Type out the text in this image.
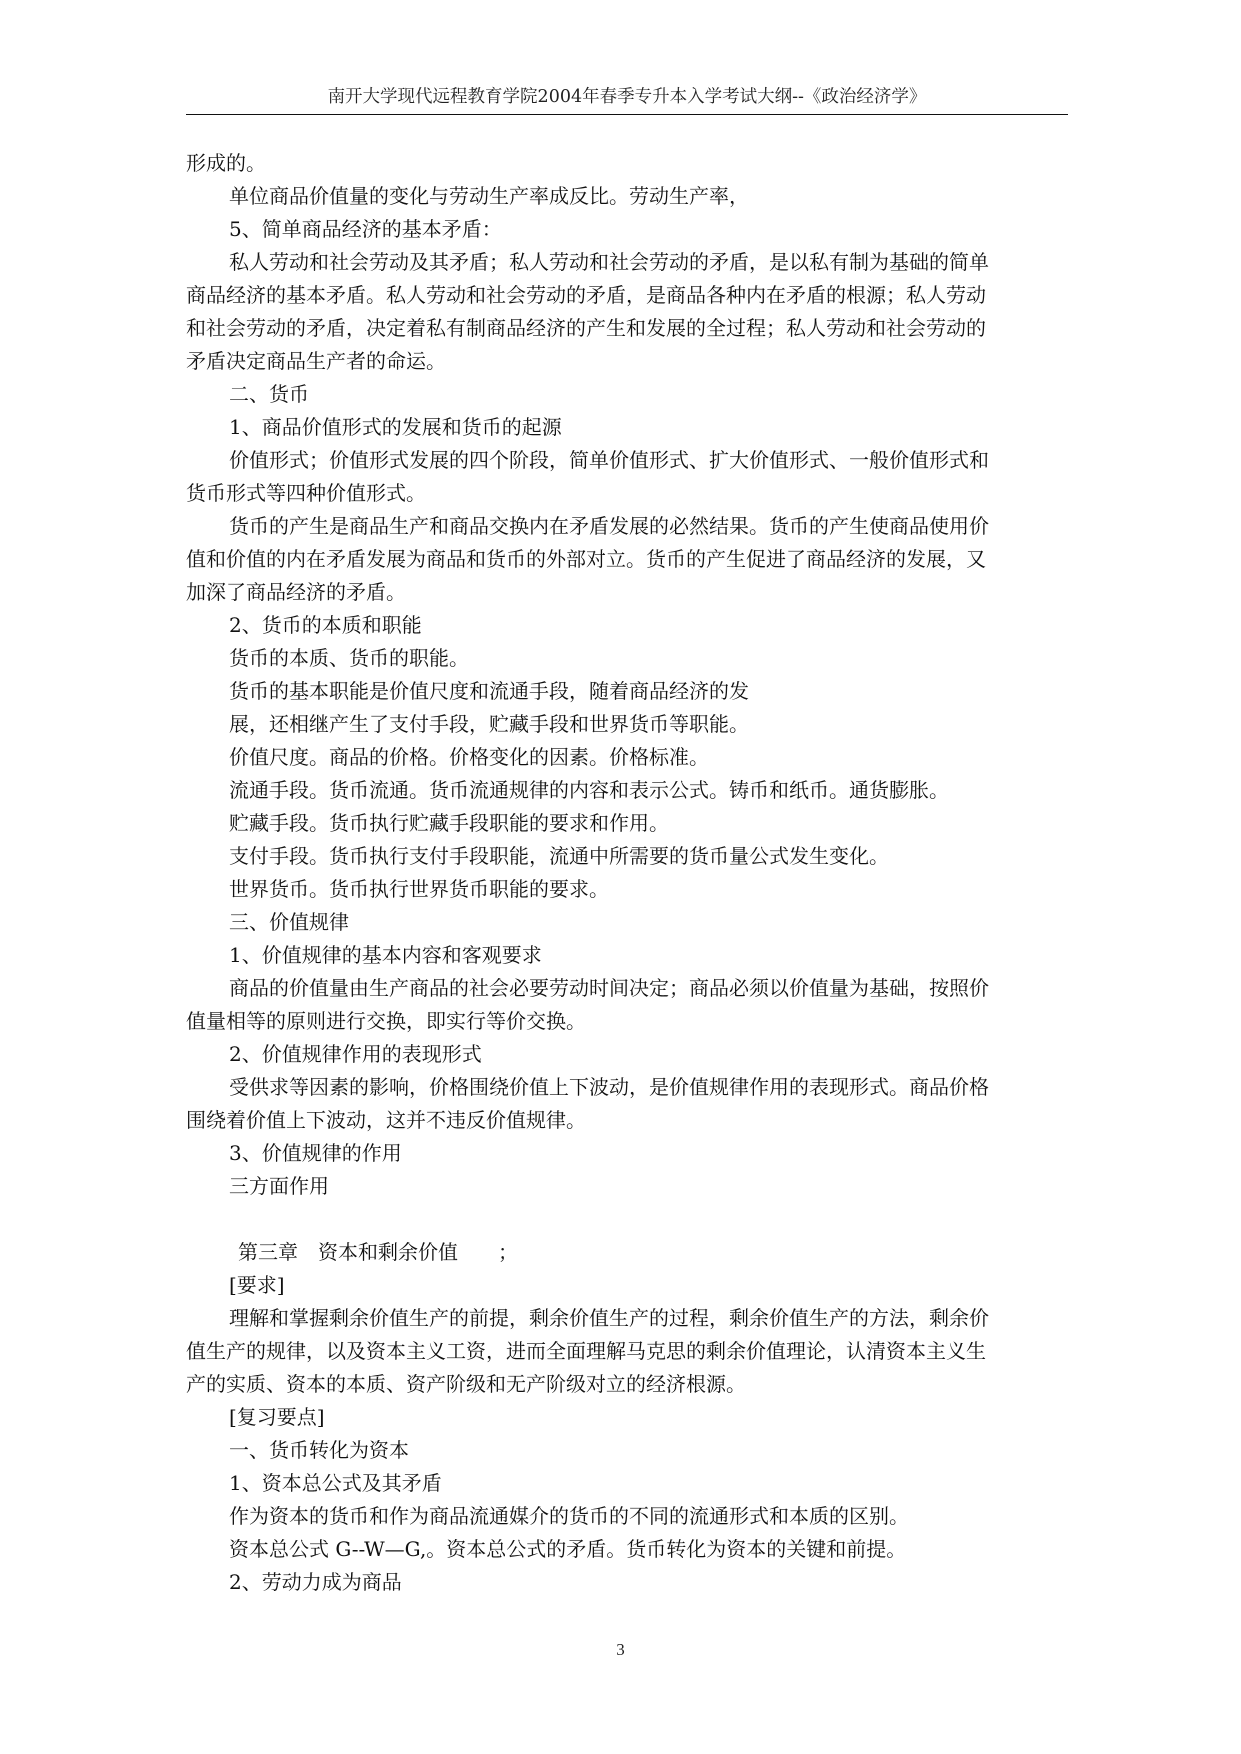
南开大学现代远程教育学院2004年春季专升本入学考试大纲--《政治经济学》
形成的。
单位商品价值量的变化与劳动生产率成反比。劳动生产率，
5、简单商品经济的基本矛盾：
私人劳动和社会劳动及其矛盾；私人劳动和社会劳动的矛盾，是以私有制为基础的简单
商品经济的基本矛盾。私人劳动和社会劳动的矛盾，是商品各种内在矛盾的根源；私人劳动
和社会劳动的矛盾，决定着私有制商品经济的产生和发展的全过程；私人劳动和社会劳动的
矛盾决定商品生产者的命运。
二、货币
1、商品价值形式的发展和货币的起源
价值形式；价值形式发展的四个阶段，简单价值形式、扩大价值形式、一般价值形式和
货币形式等四种价值形式。
货币的产生是商品生产和商品交换内在矛盾发展的必然结果。货币的产生使商品使用价
值和价值的内在矛盾发展为商品和货币的外部对立。货币的产生促进了商品经济的发展，又
加深了商品经济的矛盾。
2、货币的本质和职能
货币的本质、货币的职能。
货币的基本职能是价值尺度和流通手段，随着商品经济的发
展，还相继产生了支付手段，贮藏手段和世界货币等职能。
价值尺度。商品的价格。价格变化的因素。价格标准。
流通手段。货币流通。货币流通规律的内容和表示公式。铸币和纸币。通货膨胀。
贮藏手段。货币执行贮藏手段职能的要求和作用。
支付手段。货币执行支付手段职能，流通中所需要的货币量公式发生变化。
世界货币。货币执行世界货币职能的要求。
三、价值规律
1、价值规律的基本内容和客观要求
商品的价值量由生产商品的社会必要劳动时间决定；商品必须以价值量为基础，按照价
值量相等的原则进行交换，即实行等价交换。
2、价值规律作用的表现形式
受供求等因素的影响，价格围绕价值上下波动，是价值规律作用的表现形式。商品价格
围绕着价值上下波动，这并不违反价值规律。
3、价值规律的作用
三方面作用
第三章　资本和剩余价值　　；
[要求]
理解和掌握剩余价值生产的前提，剩余价值生产的过程，剩余价值生产的方法，剩余价
值生产的规律，以及资本主义工资，进而全面理解马克思的剩余价值理论，认清资本主义生
产的实质、资本的本质、资产阶级和无产阶级对立的经济根源。
[复习要点]
一、货币转化为资本
1、资本总公式及其矛盾
作为资本的货币和作为商品流通媒介的货币的不同的流通形式和本质的区别。
资本总公式 G--W—G,。资本总公式的矛盾。货币转化为资本的关键和前提。
2、劳动力成为商品
3
